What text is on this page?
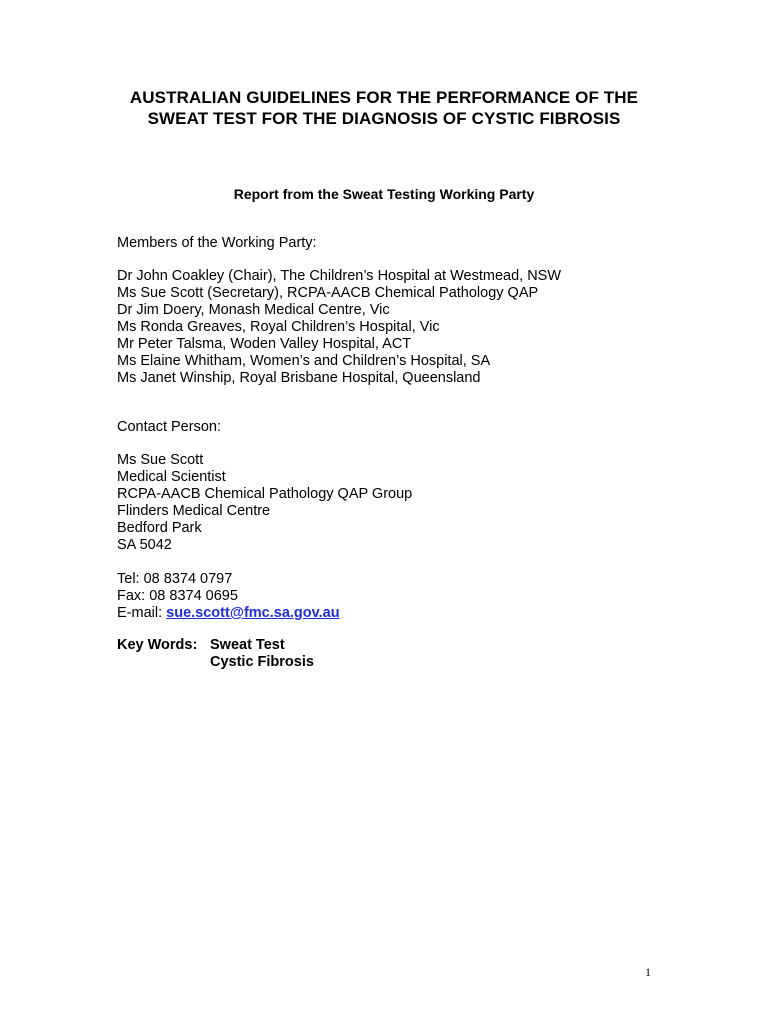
AUSTRALIAN GUIDELINES FOR THE PERFORMANCE OF THE
SWEAT TEST FOR THE DIAGNOSIS OF CYSTIC FIBROSIS
Report from the Sweat Testing Working Party
Members of the Working Party:
Dr John Coakley (Chair), The Children’s Hospital at Westmead, NSW
Ms Sue Scott (Secretary), RCPA-AACB Chemical Pathology QAP
Dr Jim Doery, Monash Medical Centre, Vic
Ms Ronda Greaves, Royal Children’s Hospital, Vic
Mr Peter Talsma, Woden Valley Hospital, ACT
Ms Elaine Whitham, Women’s and Children’s Hospital, SA
Ms Janet Winship, Royal Brisbane Hospital, Queensland
Contact Person:
Ms Sue Scott
Medical Scientist
RCPA-AACB Chemical Pathology QAP Group
Flinders Medical Centre
Bedford Park
SA 5042
Tel: 08 8374 0797
Fax: 08 8374 0695
E-mail: sue.scott@fmc.sa.gov.au
Key Words: Sweat Test
Cystic Fibrosis
1
